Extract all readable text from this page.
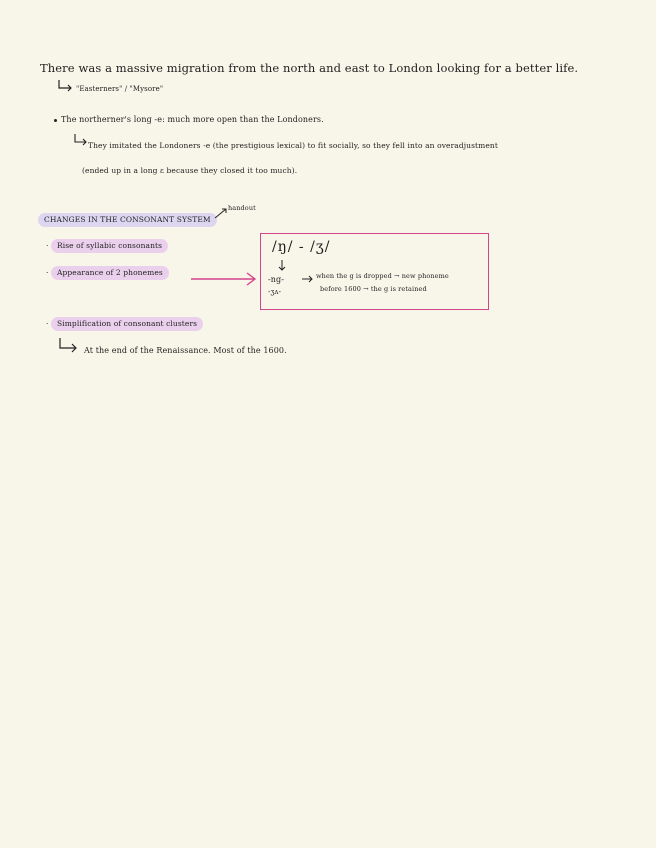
There was a massive migration from the north and east to London looking for a better life.
"Easterners" / "Mysore"
The northerner's long -e: much more open than the Londoners.
They imitated the Londoners -e (the prestigious lexical) to fit socially, so they fell into an overadjustment
(ended up in a long ɛ because they closed it too much).
CHANGES IN THE CONSONANT SYSTEM
handout
· Rise of syllabic consonants
· Appearance of 2 phonemes
/ŋ/ - /ʒ/
-ng-
-ʒʌ-
when the g is dropped → new phoneme
before 1600 → the g is retained
· Simplification of consonant clusters
At the end of the Renaissance. Most of the 1600.
